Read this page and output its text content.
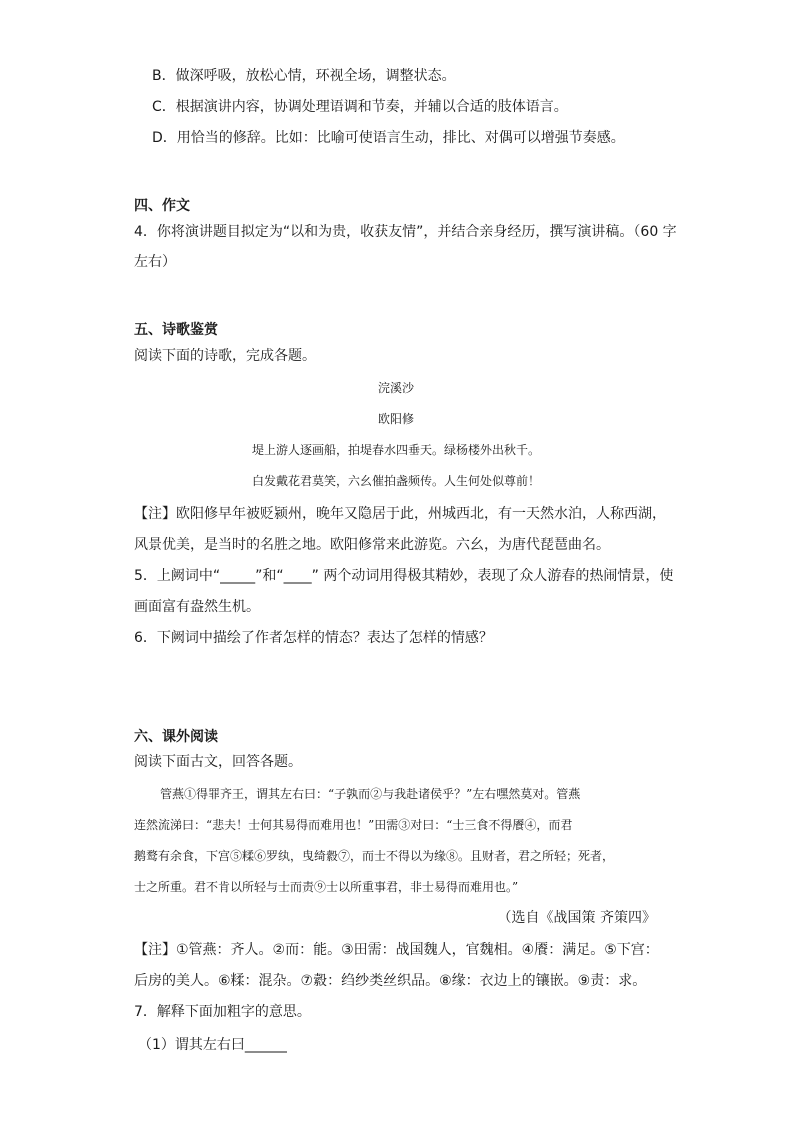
B．做深呼吸，放松心情，环视全场，调整状态。
C．根据演讲内容，协调处理语调和节奏，并辅以合适的肢体语言。
D．用恰当的修辞。比如：比喻可使语言生动，排比、对偶可以增强节奏感。
四、作文
4．你将演讲题目拟定为“以和为贵，收获友情”，并结合亲身经历，撰写演讲稿。（60 字
左右）
五、诗歌鉴赏
阅读下面的诗歌，完成各题。
浣溪沙
欧阳修
堤上游人逐画船，拍堤春水四垂天。绿杨楼外出秋千。
白发戴花君莫笑，六幺催拍盏频传。人生何处似尊前！
【注】欧阳修早年被贬颍州，晚年又隐居于此，州城西北，有一天然水泊，人称西湖，
风景优美，是当时的名胜之地。欧阳修常来此游览。六幺，为唐代琵琶曲名。
5．上阙词中“_____”和“____” 两个动词用得极其精妙，表现了众人游春的热闹情景，使
画面富有盎然生机。
6．下阙词中描绘了作者怎样的情态？表达了怎样的情感？
六、课外阅读
阅读下面古文，回答各题。
管燕①得罪齐王，谓其左右曰：“子孰而②与我赴诸侯乎？”左右嘿然莫对。管燕
连然流涕曰：“悲夫！士何其易得而难用也！”田需③对曰：“士三食不得餍④，而君
鹅鹜有余食，下宫⑤糅⑥罗纨，曳绮縠⑦，而士不得以为缘⑧。且财者，君之所轻；死者，
士之所重。君不肯以所轻与士而责⑨士以所重事君，非士易得而难用也。”
（选自《战国策 齐策四》
【注】①管燕：齐人。②而：能。③田需：战国魏人，官魏相。④餍：满足。⑤下宫：
后房的美人。⑥糅：混杂。⑦縠：绉纱类丝织品。⑧缘：衣边上的镶嵌。⑨责：求。
7．解释下面加粗字的意思。
（1）谓其左右曰______
